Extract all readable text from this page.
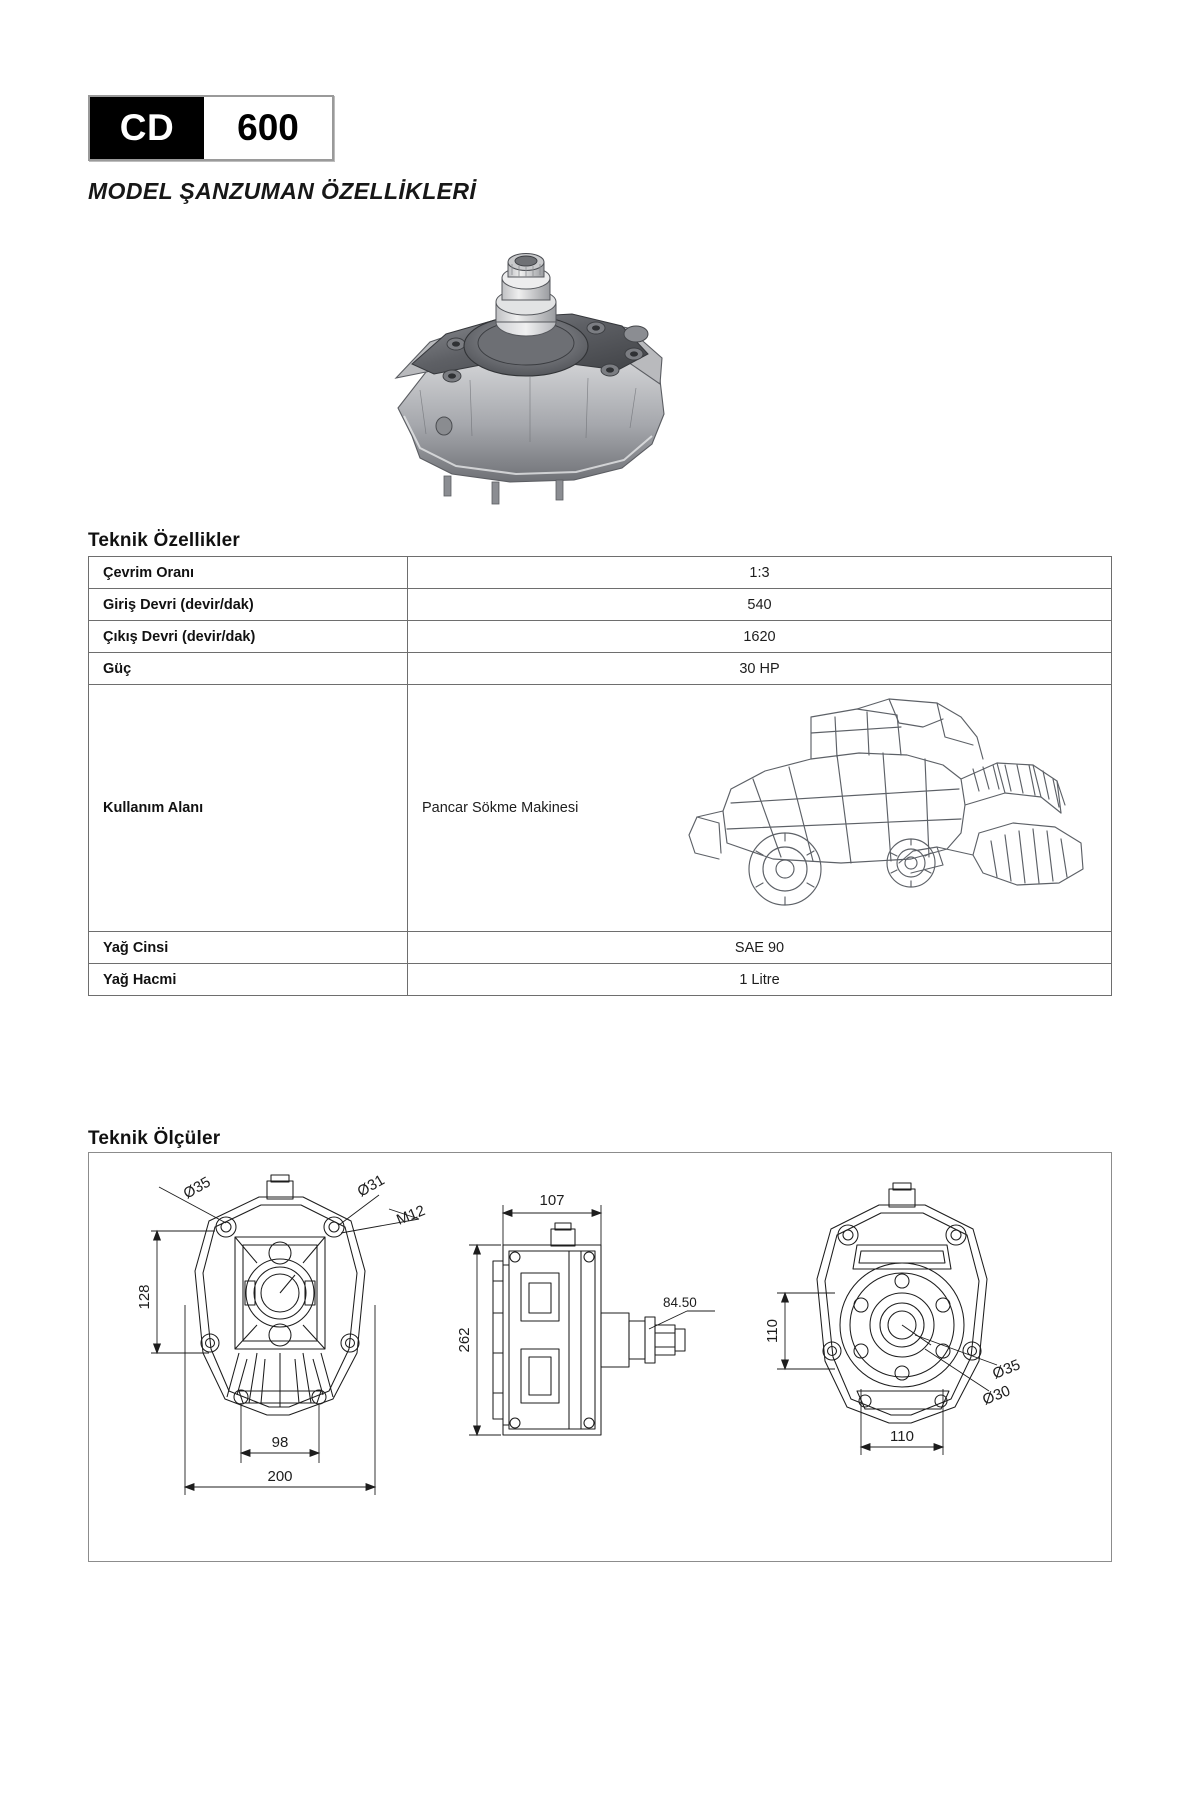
CD	600
MODEL ŞANZUMAN ÖZELLİKLERİ
Teknik Özellikler
Çevrim Oranı	1:3
Giriş Devri (devir/dak)	540
Çıkış Devri (devir/dak)	1620
Güç	30 HP
Kullanım Alanı	Pancar Sökme Makinesi
Yağ Cinsi	SAE 90
Yağ Hacmi	1 Litre
Teknik Ölçüler
Ø35	Ø31
M12
128
98
200
107
262
84.50
110
110
Ø35
Ø30
